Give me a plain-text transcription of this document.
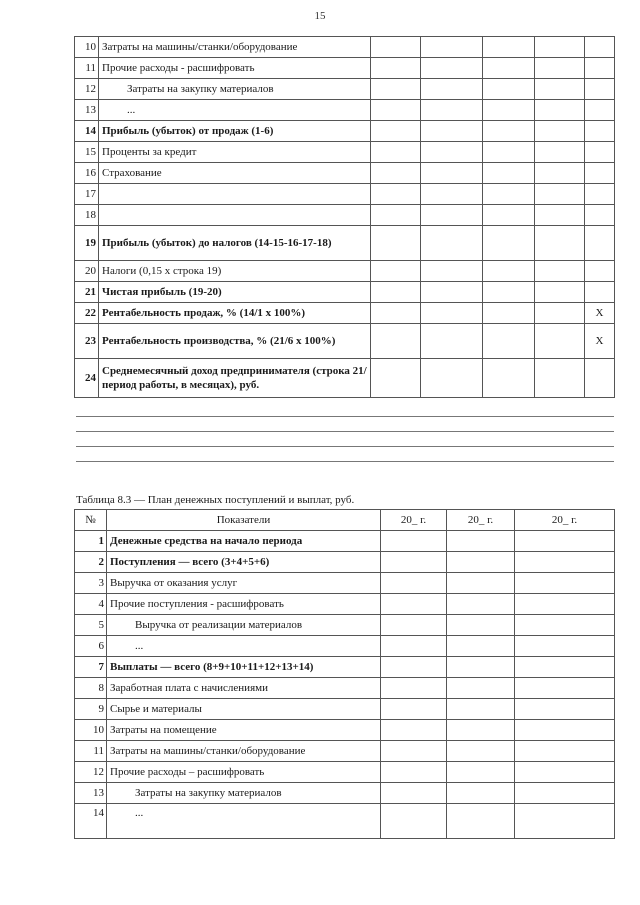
15
10	Затраты на машины/станки/оборудование					
11	Прочие расходы - расшифровать					
12	Затраты на закупку материалов					
13	...					
14	Прибыль (убыток) от продаж (1-6)					
15	Проценты за кредит					
16	Страхование					
17						
18						
19	Прибыль (убыток) до налогов (14-15-16-17-18)					
20	Налоги (0,15 х строка 19)					
21	Чистая прибыль (19-20)					
22	Рентабельность продаж, % (14/1 х 100%)					X
23	Рентабельность производства, % (21/6 х 100%)					X
24	Среднемесячный доход предпринимателя (строка 21/период работы, в месяцах), руб.					
Таблица 8.3 — План денежных поступлений и выплат, руб.
№	Показатели	20_ г.	20_ г.	20_ г.
1	Денежные средства на начало периода			
2	Поступления — всего (3+4+5+6)			
3	Выручка от оказания услуг			
4	Прочие поступления - расшифровать			
5	Выручка от реализации материалов			
6	...			
7	Выплаты — всего (8+9+10+11+12+13+14)			
8	Заработная плата с начислениями			
9	Сырье и материалы			
10	Затраты на помещение			
11	Затраты на машины/станки/оборудование			
12	Прочие расходы – расшифровать			
13	Затраты на закупку материалов			
14	...			
